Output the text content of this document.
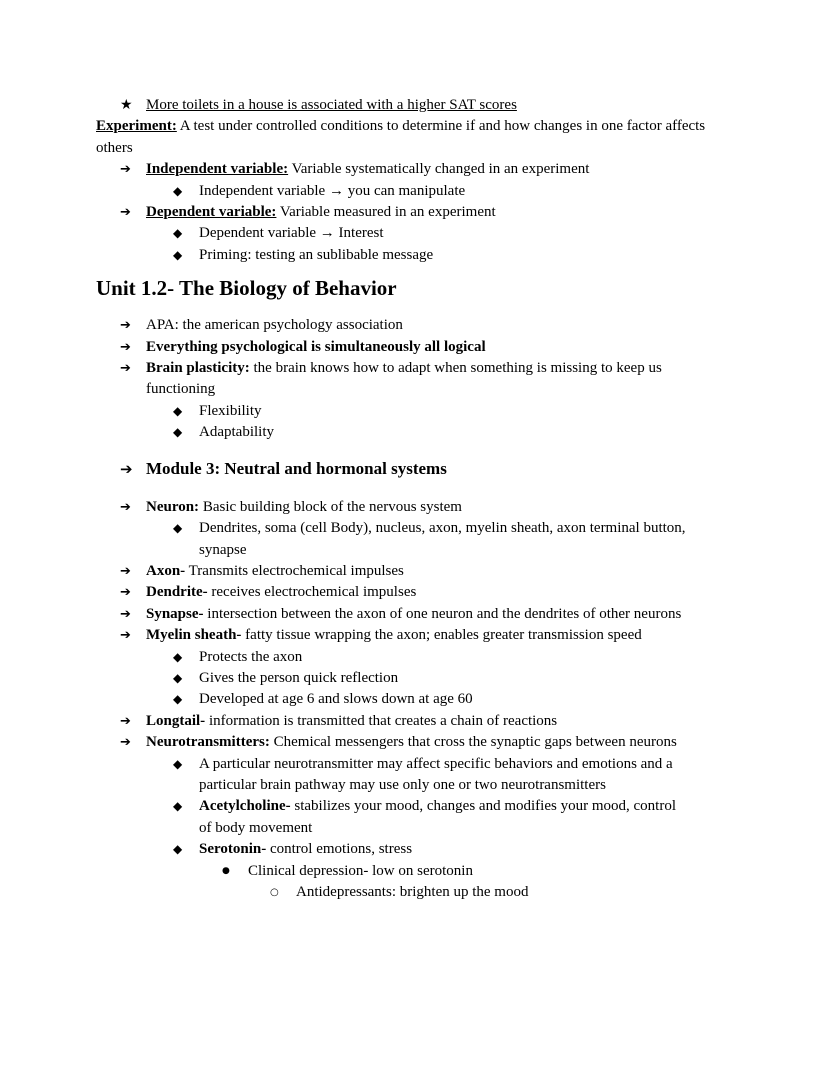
★ More toilets in a house is associated with a higher SAT scores
Experiment: A test under controlled conditions to determine if and how changes in one factor affects
others
➔	Independent variable: Variable systematically changed in an experiment
◆	Independent variable → you can manipulate
➔	Dependent variable: Variable measured in an experiment
◆	Dependent variable → Interest
◆	Priming: testing an sublibable message
Unit 1.2- The Biology of Behavior
➔	APA: the american psychology association
➔	Everything psychological is simultaneously all logical
➔	Brain plasticity: the brain knows how to adapt when something is missing to keep us
functioning
◆	Flexibility
◆	Adaptability
➔ Module 3: Neutral and hormonal systems
➔	Neuron: Basic building block of the nervous system
◆	Dendrites, soma (cell Body), nucleus, axon, myelin sheath, axon terminal button,
synapse
➔	Axon- Transmits electrochemical impulses
➔	Dendrite- receives electrochemical impulses
➔	Synapse- intersection between the axon of one neuron and the dendrites of other neurons
➔	Myelin sheath- fatty tissue wrapping the axon; enables greater transmission speed
◆	Protects the axon
◆	Gives the person quick reflection
◆	Developed at age 6 and slows down at age 60
➔	Longtail- information is transmitted that creates a chain of reactions
➔	Neurotransmitters: Chemical messengers that cross the synaptic gaps between neurons
◆	A particular neurotransmitter may affect specific behaviors and emotions and a
particular brain pathway may use only one or two neurotransmitters
◆	Acetylcholine- stabilizes your mood, changes and modifies your mood, control
of body movement
◆	Serotonin- control emotions, stress
●	Clinical depression- low on serotonin
○	Antidepressants: brighten up the mood
